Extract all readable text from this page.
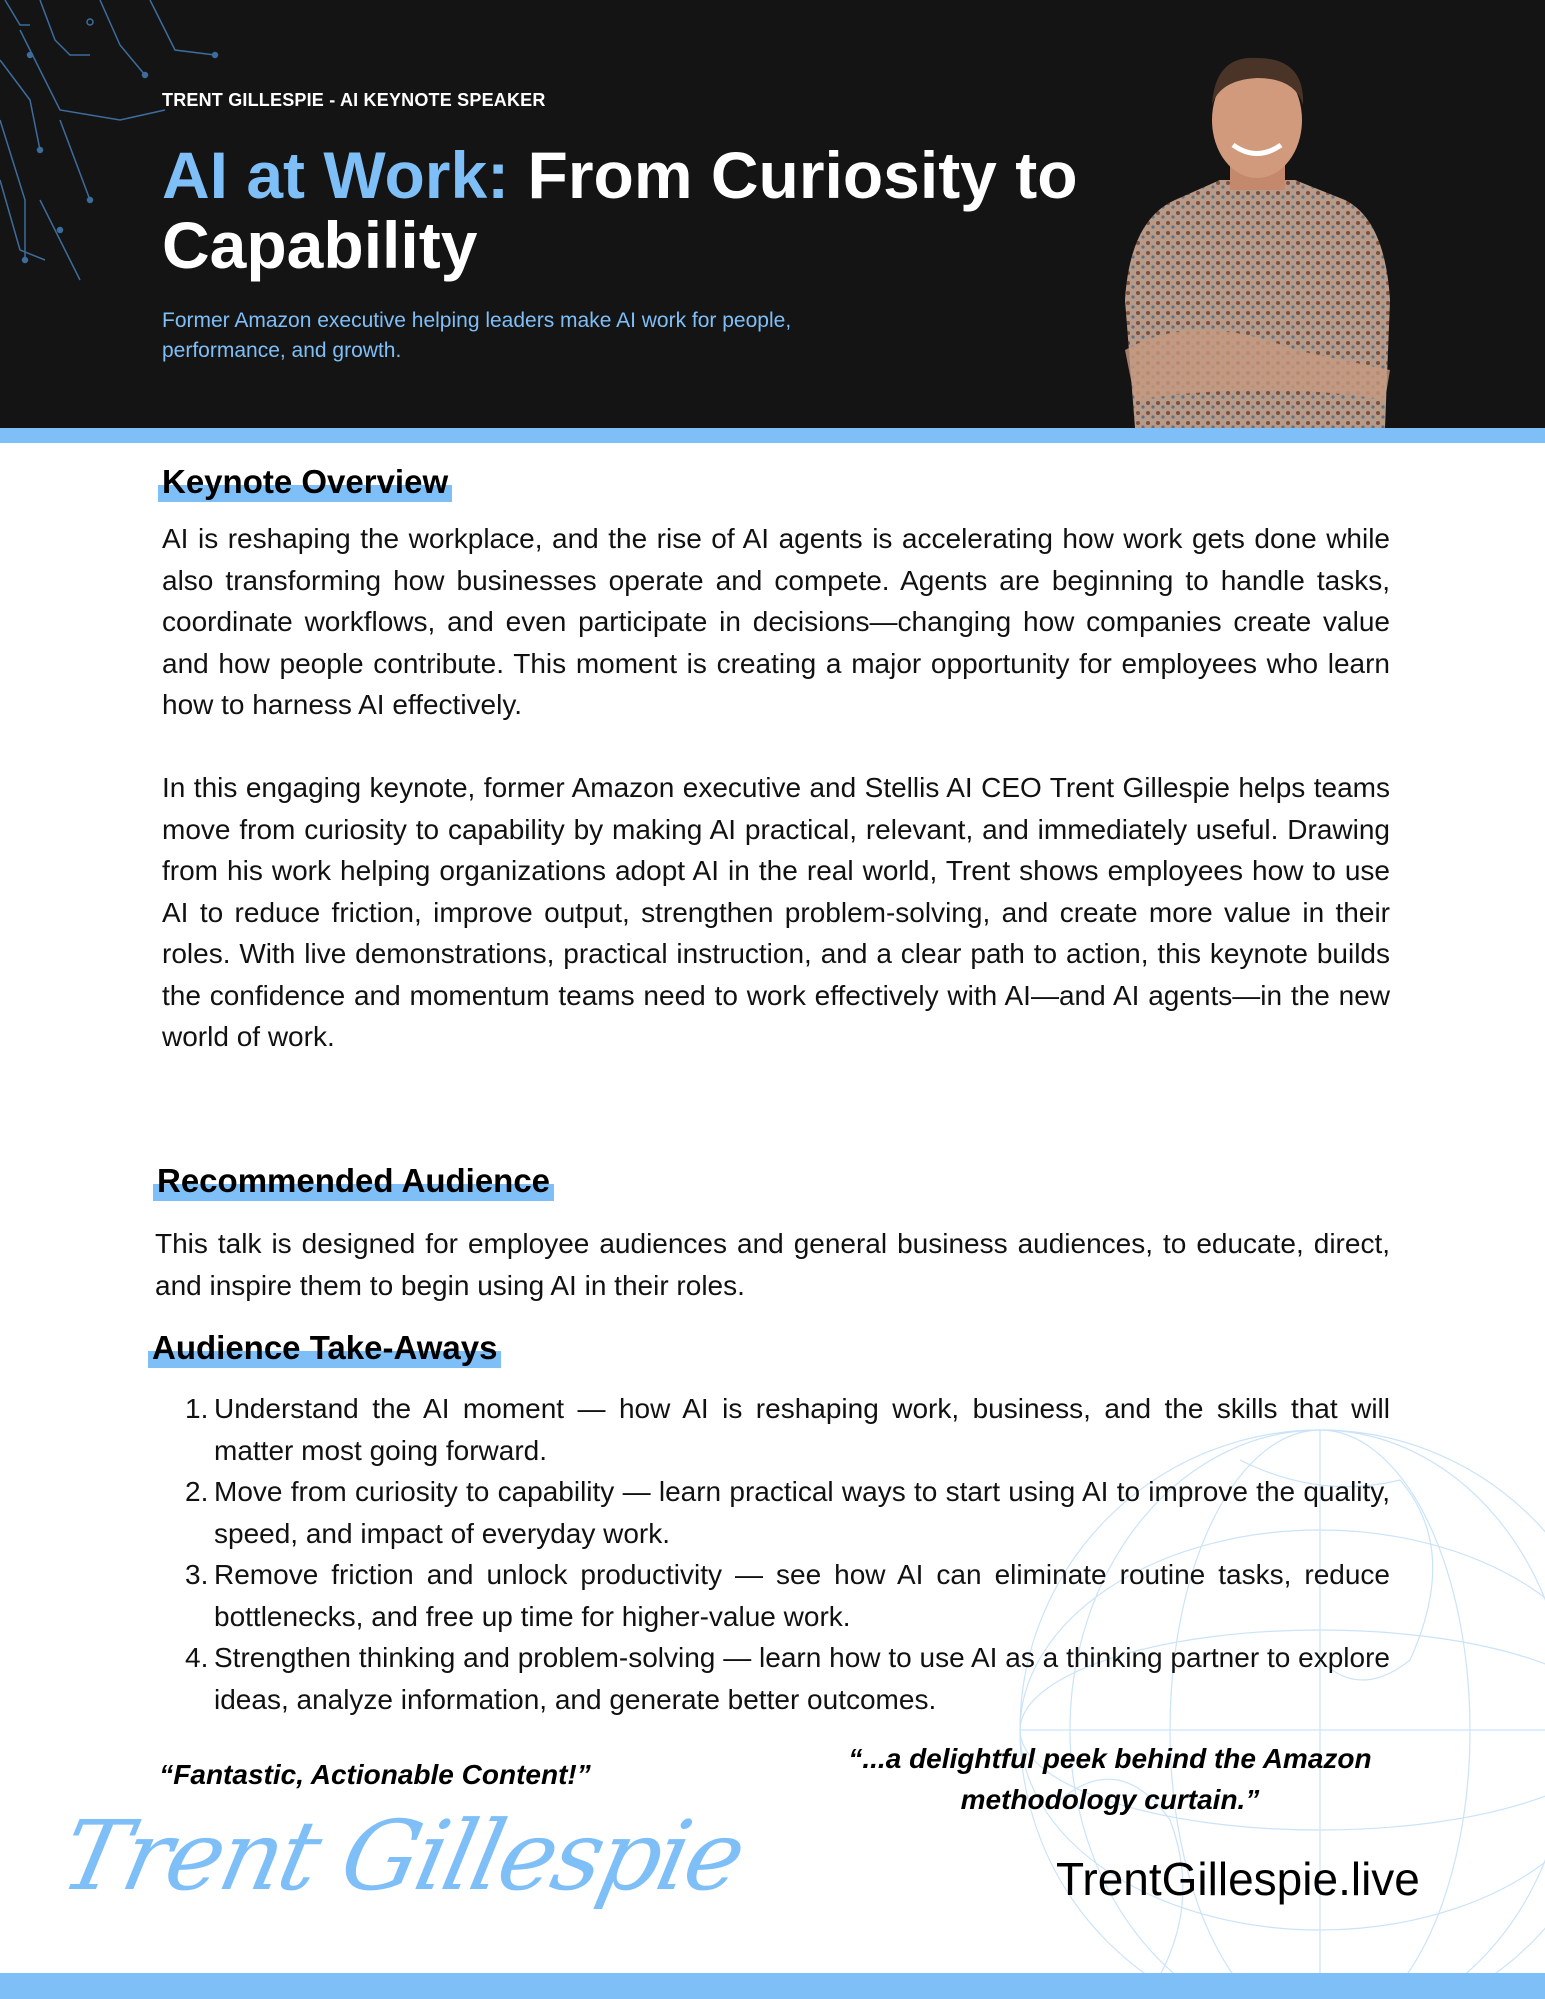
TRENT GILLESPIE - AI KEYNOTE SPEAKER
AI at Work: From Curiosity to Capability
Former Amazon executive helping leaders make AI work for people, performance, and growth.
Keynote Overview

AI is reshaping the workplace, and the rise of AI agents is accelerating how work gets done while also transforming how businesses operate and compete. Agents are beginning to handle tasks, coordinate workflows, and even participate in decisions—changing how companies create value and how people contribute. This moment is creating a major opportunity for employees who learn how to harness AI effectively.

In this engaging keynote, former Amazon executive and Stellis AI CEO Trent Gillespie helps teams move from curiosity to capability by making AI practical, relevant, and immediately useful. Drawing from his work helping organizations adopt AI in the real world, Trent shows employees how to use AI to reduce friction, improve output, strengthen problem-solving, and create more value in their roles. With live demonstrations, practical instruction, and a clear path to action, this keynote builds the confidence and momentum teams need to work effectively with AI—and AI agents—in the new world of work.

Recommended Audience
This talk is designed for employee audiences and general business audiences, to educate, direct, and inspire them to begin using AI in their roles.
Audience Take-Aways
1. Understand the AI moment — how AI is reshaping work, business, and the skills that will matter most going forward.
2. Move from curiosity to capability — learn practical ways to start using AI to improve the quality, speed, and impact of everyday work.
3. Remove friction and unlock productivity — see how AI can eliminate routine tasks, reduce bottlenecks, and free up time for higher-value work.
4. Strengthen thinking and problem-solving — learn how to use AI as a thinking partner to explore ideas, analyze information, and generate better outcomes.
“Fantastic, Actionable Content!”
“...a delightful peek behind the Amazon methodology curtain.”
Trent Gillespie	TrentGillespie.live
